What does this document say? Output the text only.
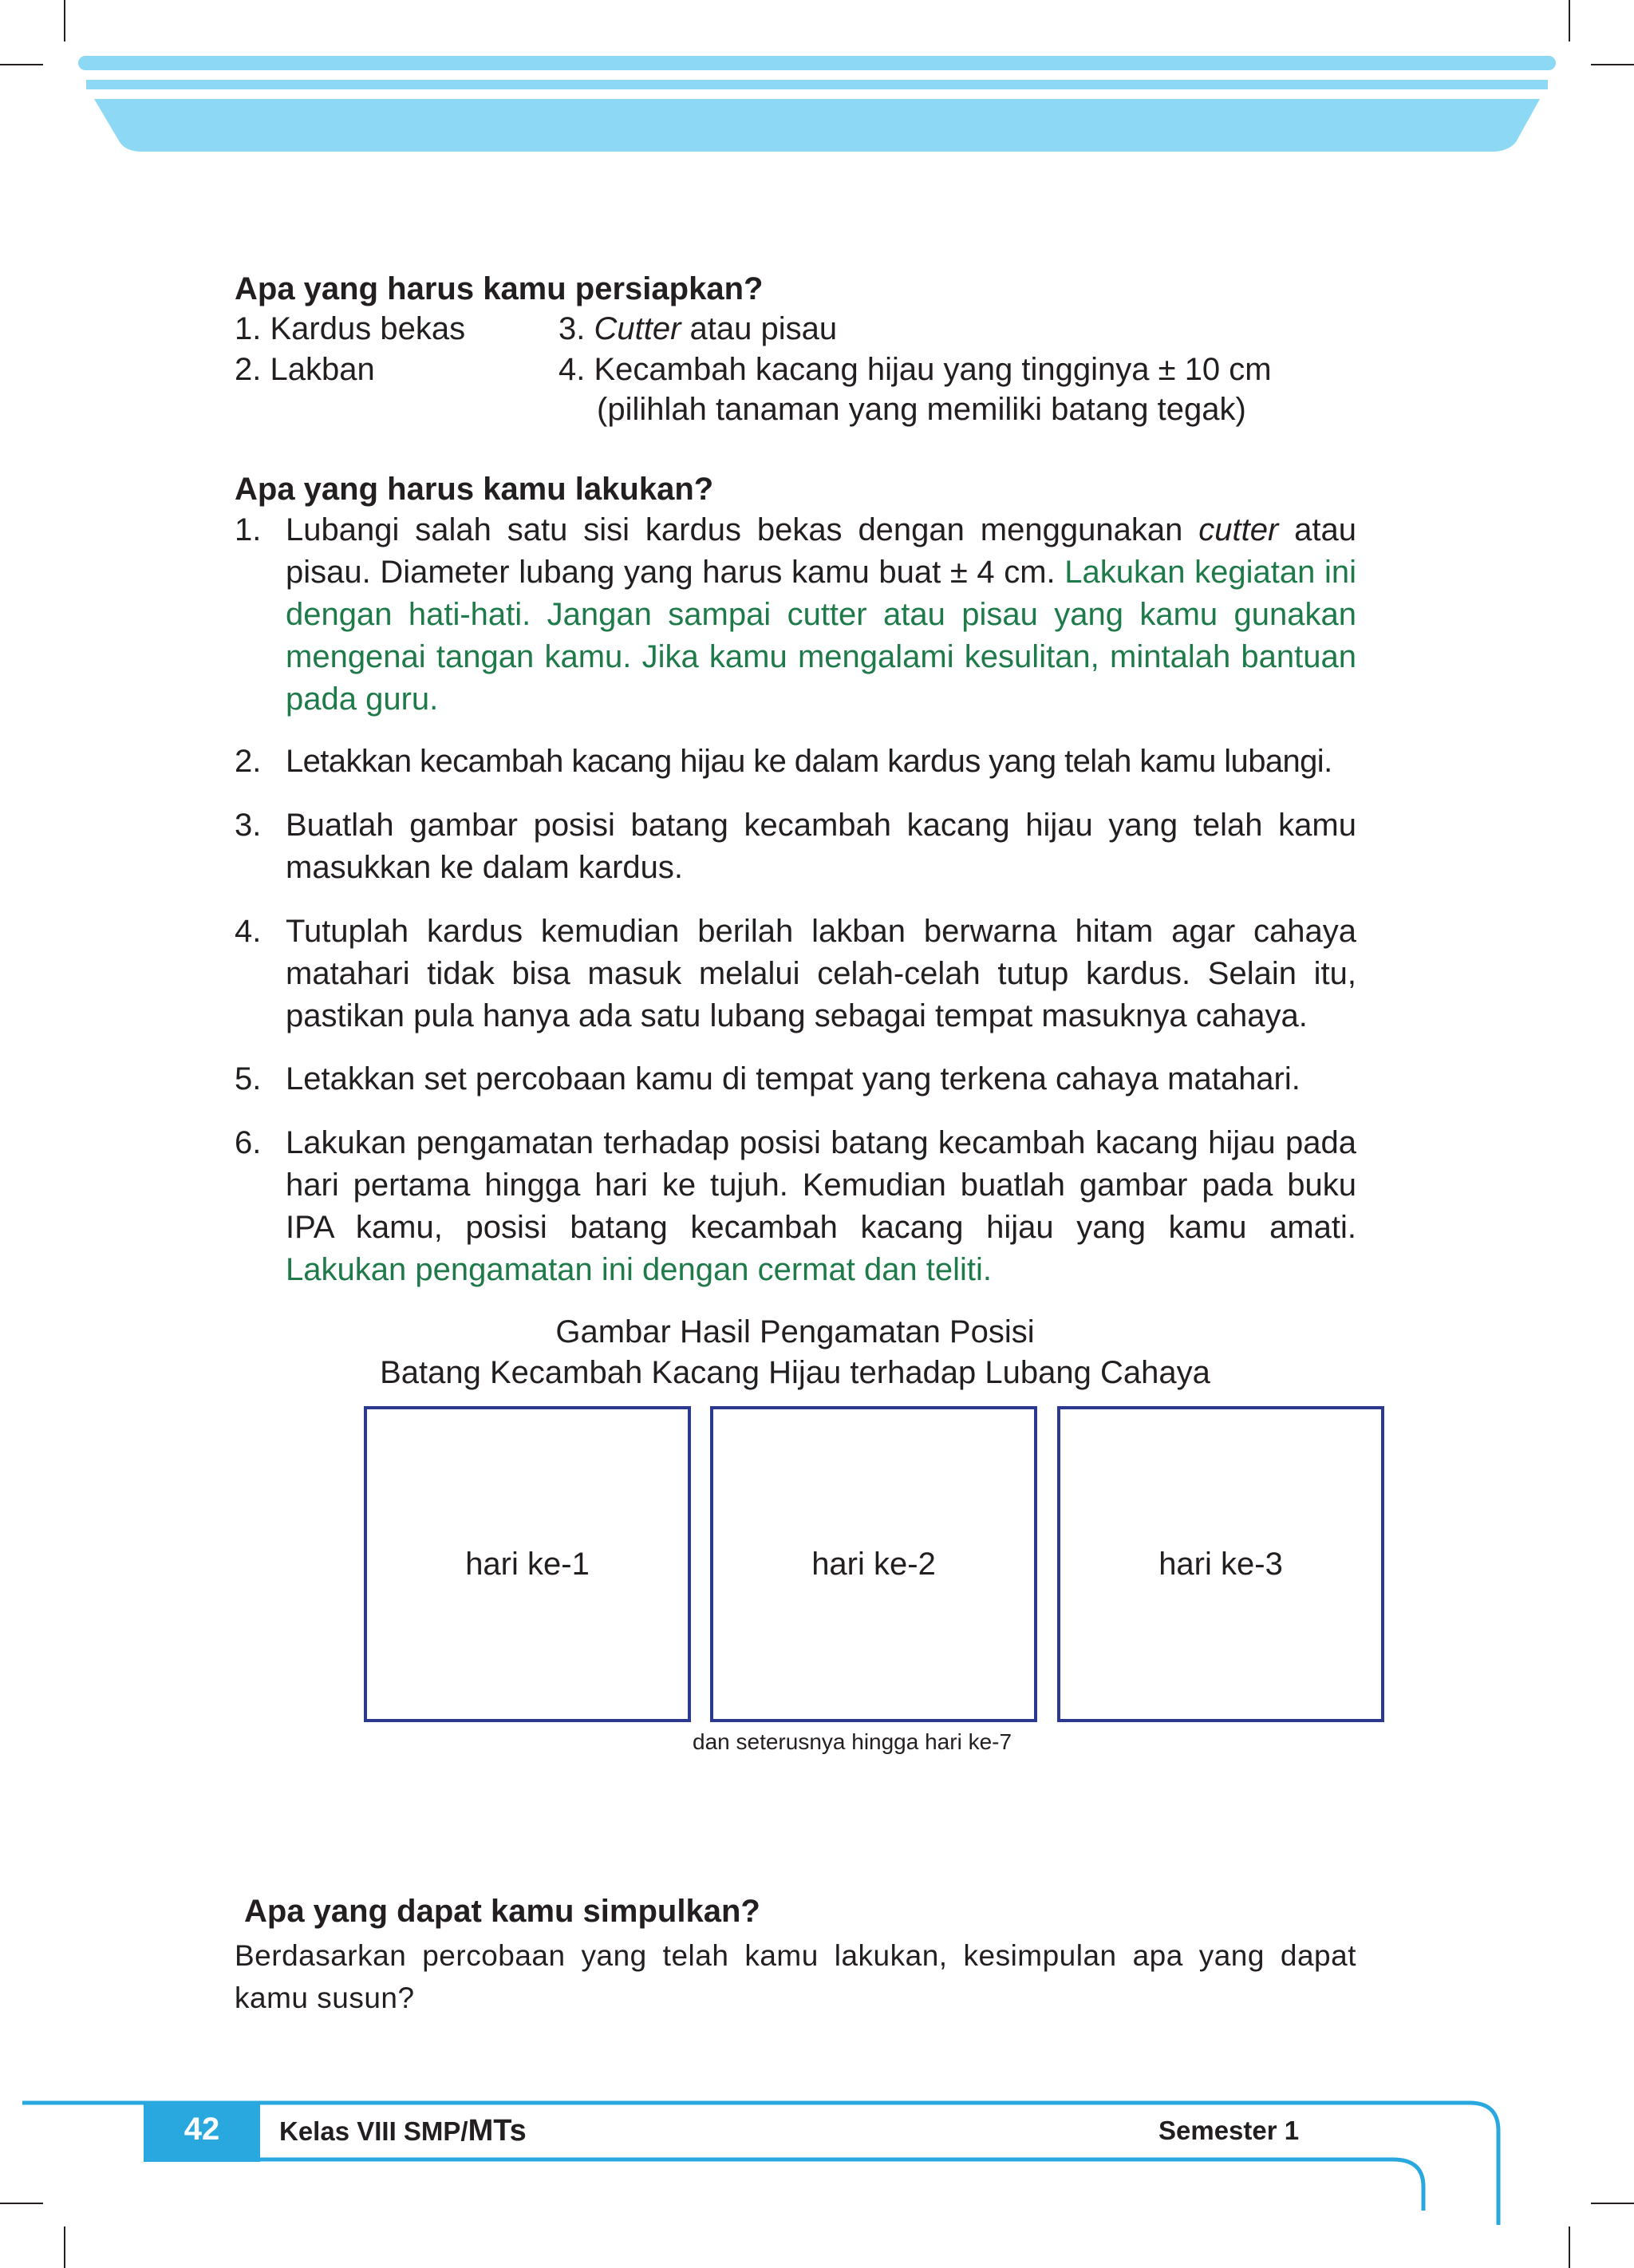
Apa yang harus kamu persiapkan?
1. Kardus bekas
2. Lakban
3. Cutter atau pisau
4. Kecambah kacang hijau yang tingginya ± 10 cm
(pilihlah tanaman yang memiliki batang tegak)
Apa yang harus kamu lakukan?
1. Lubangi salah satu sisi kardus bekas dengan menggunakan cutter atau pisau. Diameter lubang yang harus kamu buat ± 4 cm. Lakukan kegiatan ini dengan hati-hati. Jangan sampai cutter atau pisau yang kamu gunakan mengenai tangan kamu. Jika kamu mengalami kesulitan, mintalah bantuan pada guru.
2. Letakkan kecambah kacang hijau ke dalam kardus yang telah kamu lubangi.
3. Buatlah gambar posisi batang kecambah kacang hijau yang telah kamu masukkan ke dalam kardus.
4. Tutuplah kardus kemudian berilah lakban berwarna hitam agar cahaya matahari tidak bisa masuk melalui celah-celah tutup kardus. Selain itu, pastikan pula hanya ada satu lubang sebagai tempat masuknya cahaya.
5. Letakkan set percobaan kamu di tempat yang terkena cahaya matahari.
6. Lakukan pengamatan terhadap posisi batang kecambah kacang hijau pada hari pertama hingga hari ke tujuh. Kemudian buatlah gambar pada buku IPA kamu, posisi batang kecambah kacang hijau yang kamu amati. Lakukan pengamatan ini dengan cermat dan teliti.
Gambar Hasil Pengamatan Posisi
Batang Kecambah Kacang Hijau terhadap Lubang Cahaya
hari ke-1	hari ke-2	hari ke-3
dan seterusnya hingga hari ke-7
Apa yang dapat kamu simpulkan?
Berdasarkan percobaan yang telah kamu lakukan, kesimpulan apa yang dapat kamu susun?
42	Kelas VIII SMP/MTs	Semester 1
